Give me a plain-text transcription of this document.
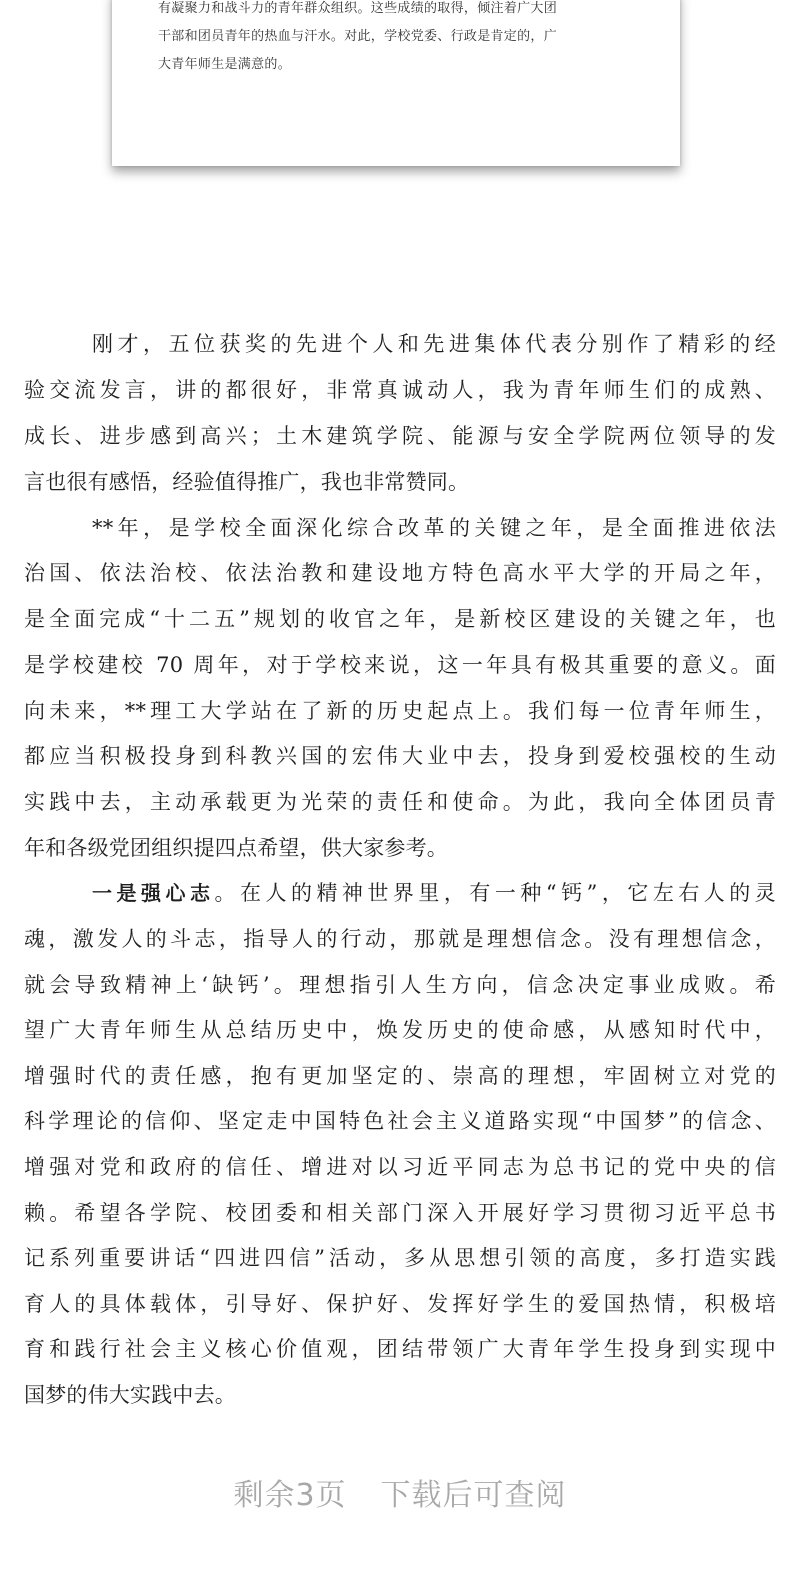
有凝聚力和战斗力的青年群众组织。这些成绩的取得，倾注着广大团
干部和团员青年的热血与汗水。对此，学校党委、行政是肯定的，广
大青年师生是满意的。
刚才，五位获奖的先进个人和先进集体代表分别作了精彩的经
验交流发言，讲的都很好，非常真诚动人，我为青年师生们的成熟、
成长、进步感到高兴；土木建筑学院、能源与安全学院两位领导的发
言也很有感悟，经验值得推广，我也非常赞同。
**年，是学校全面深化综合改革的关键之年，是全面推进依法
治国、依法治校、依法治教和建设地方特色高水平大学的开局之年，
是全面完成“十二五”规划的收官之年，是新校区建设的关键之年，也
是学校建校 70 周年，对于学校来说，这一年具有极其重要的意义。面
向未来，**理工大学站在了新的历史起点上。我们每一位青年师生，
都应当积极投身到科教兴国的宏伟大业中去，投身到爱校强校的生动
实践中去，主动承载更为光荣的责任和使命。为此，我向全体团员青
年和各级党团组织提四点希望，供大家参考。
一是强心志。在人的精神世界里，有一种“钙”，它左右人的灵
魂，激发人的斗志，指导人的行动，那就是理想信念。没有理想信念，
就会导致精神上‘缺钙’。理想指引人生方向，信念决定事业成败。希
望广大青年师生从总结历史中，焕发历史的使命感，从感知时代中，
增强时代的责任感，抱有更加坚定的、崇高的理想，牢固树立对党的
科学理论的信仰、坚定走中国特色社会主义道路实现“中国梦”的信念、
增强对党和政府的信任、增进对以习近平同志为总书记的党中央的信
赖。希望各学院、校团委和相关部门深入开展好学习贯彻习近平总书
记系列重要讲话“四进四信”活动，多从思想引领的高度，多打造实践
育人的具体载体，引导好、保护好、发挥好学生的爱国热情，积极培
育和践行社会主义核心价值观，团结带领广大青年学生投身到实现中
国梦的伟大实践中去。
剩余3页 下载后可查阅
